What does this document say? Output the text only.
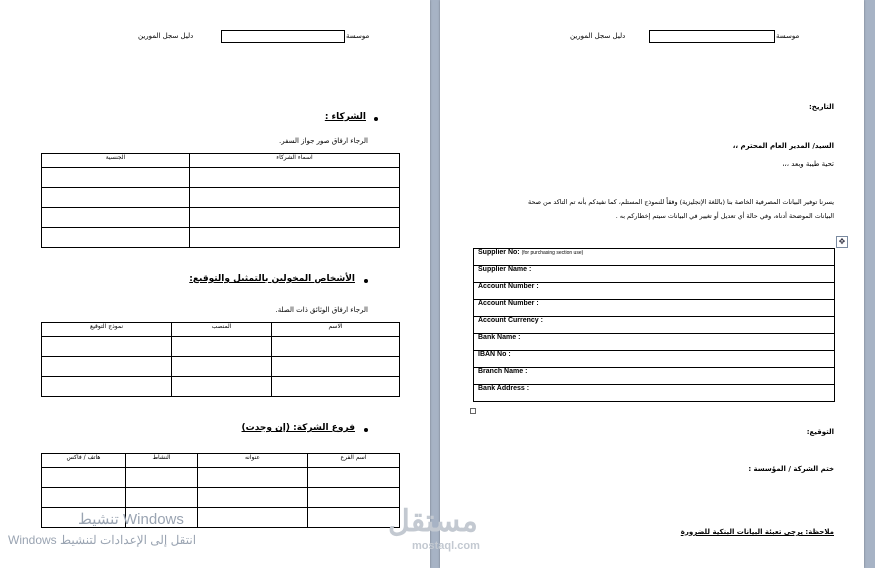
موسسة
دليل سجل المورين
الشركاء :
الرجاء ارفاق صور جواز السفر.
اسماء الشركاء	الجنسية

الأشخاص المخولين بالتمثيل والتوقيع:
الرجاء ارفاق الوثائق ذات الصلة.
الاسم	المنصب	نموذج التوقيع

فروع الشركة: (إن وجدت)
اسم الفرع	عنوانه	النشاط	هاتف / فاكس

تنشيط Windows
انتقل إلى الإعدادات لتنشيط Windows
موسسة
دليل سجل المورين
التاريخ:
السيد/ المدير العام المحترم ،،
تحية طيبة وبعد ،،،
يسرنا توفير البيانات المصرفية الخاصة بنا (باللغة الإنجليزية) وفقاً للنموذج المستلم، كما نفيدكم بأنه تم التاكد من صحة
البيانات الموضحة أدناه، وفي حالة أي تعديل أو تغيير في البيانات سيتم إخطاركم به .
✥
Supplier No: (for purchasing section use)
Supplier Name :
Account Number :
Account Number :
Account Currency :
Bank Name :
IBAN No :
Branch Name :
Bank Address :
التوقيع:
ختم الشركة / المؤسسة :
ملاحظة: يرجى تعبئة البيانات البنكية للضرورة
مستقل
mostaql.com
